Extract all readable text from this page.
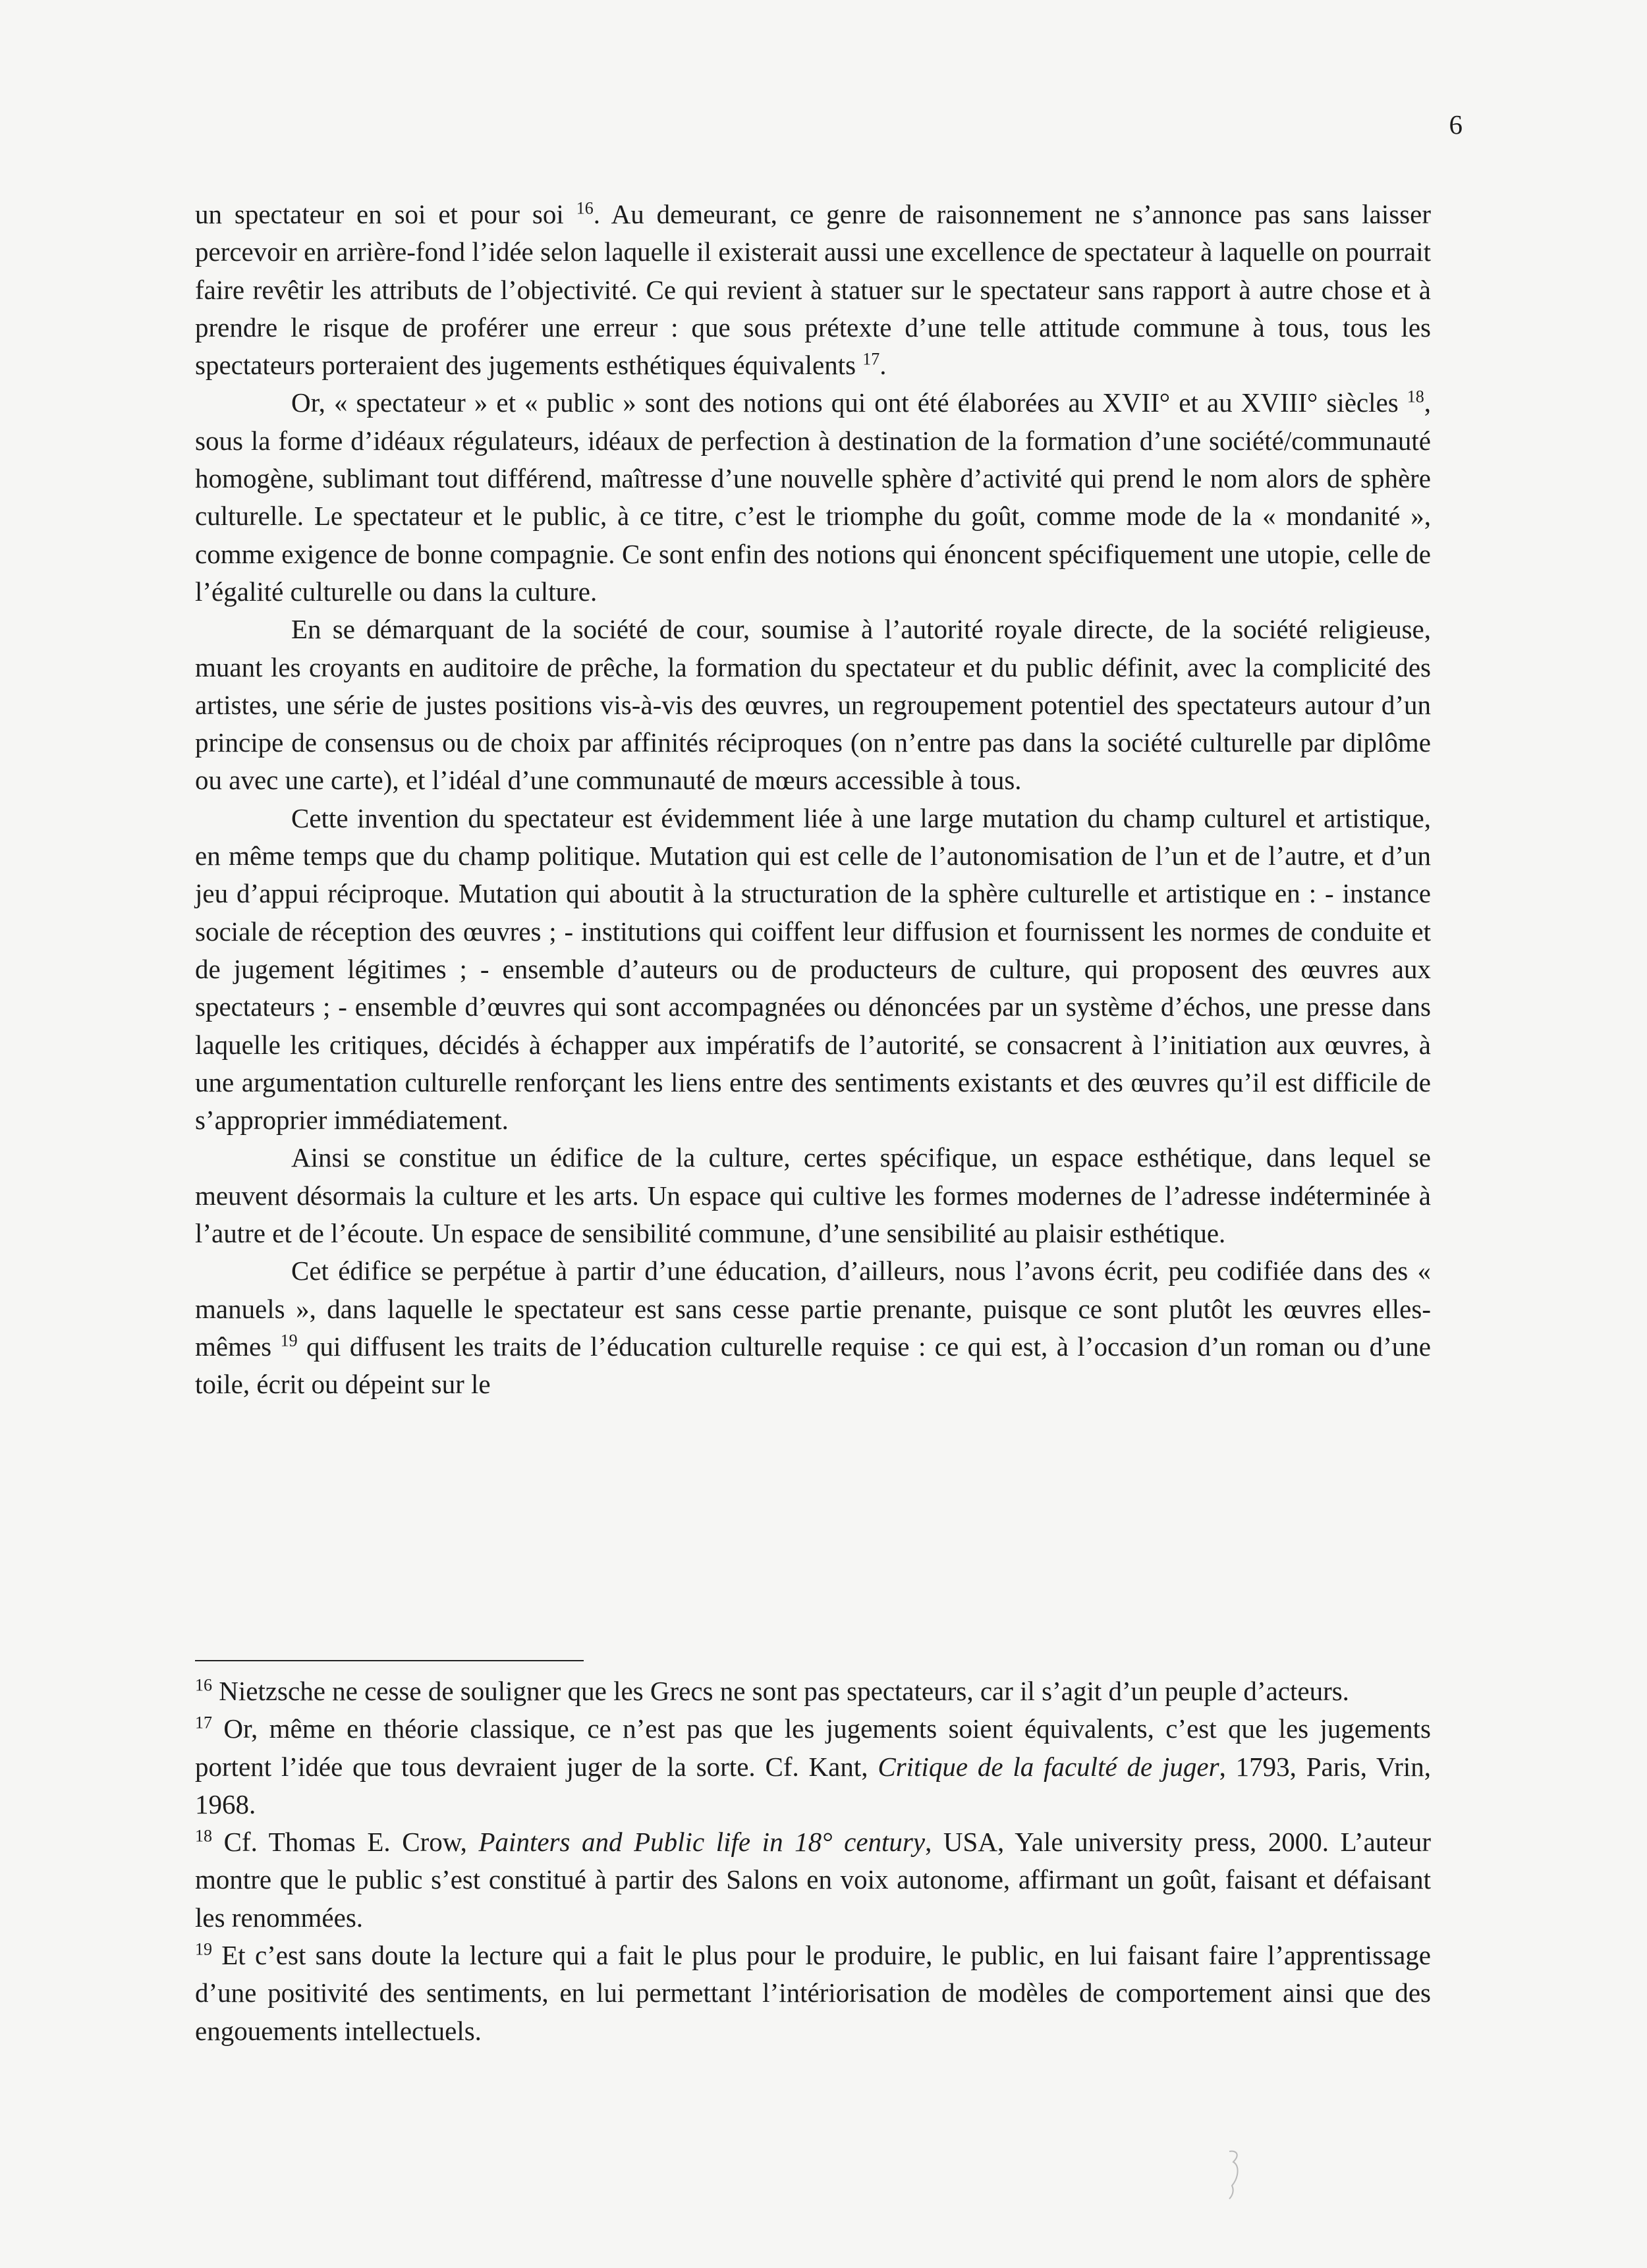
6

un spectateur en soi et pour soi $^{16}$. Au demeurant, ce genre de raisonnement ne s’annonce pas sans laisser percevoir en arrière-fond l’idée selon laquelle il existerait aussi une excellence de spectateur à laquelle on pourrait faire revêtir les attributs de l’objectivité. Ce qui revient à statuer sur le spectateur sans rapport à autre chose et à prendre le risque de proférer une erreur : que sous prétexte d’une telle attitude commune à tous, tous les spectateurs porteraient des jugements esthétiques équivalents $^{17}$.

Or, « spectateur » et « public » sont des notions qui ont été élaborées au XVII° et au XVIII° siècles $^{18}$, sous la forme d’idéaux régulateurs, idéaux de perfection à destination de la formation d’une société/communauté homogène, sublimant tout différend, maîtresse d’une nouvelle sphère d’activité qui prend le nom alors de sphère culturelle. Le spectateur et le public, à ce titre, c’est le triomphe du goût, comme mode de la « mondanité », comme exigence de bonne compagnie. Ce sont enfin des notions qui énoncent spécifiquement une utopie, celle de l’égalité culturelle ou dans la culture.

En se démarquant de la société de cour, soumise à l’autorité royale directe, de la société religieuse, muant les croyants en auditoire de prêche, la formation du spectateur et du public définit, avec la complicité des artistes, une série de justes positions vis-à-vis des œuvres, un regroupement potentiel des spectateurs autour d’un principe de consensus ou de choix par affinités réciproques (on n’entre pas dans la société culturelle par diplôme ou avec une carte), et l’idéal d’une communauté de mœurs accessible à tous.

Cette invention du spectateur est évidemment liée à une large mutation du champ culturel et artistique, en même temps que du champ politique. Mutation qui est celle de l’autonomisation de l’un et de l’autre, et d’un jeu d’appui réciproque. Mutation qui aboutit à la structuration de la sphère culturelle et artistique en : - instance sociale de réception des œuvres ; - institutions qui coiffent leur diffusion et fournissent les normes de conduite et de jugement légitimes ; - ensemble d’auteurs ou de producteurs de culture, qui proposent des œuvres aux spectateurs ; - ensemble d’œuvres qui sont accompagnées ou dénoncées par un système d’échos, une presse dans laquelle les critiques, décidés à échapper aux impératifs de l’autorité, se consacrent à l’initiation aux œuvres, à une argumentation culturelle renforçant les liens entre des sentiments existants et des œuvres qu’il est difficile de s’approprier immédiatement.

Ainsi se constitue un édifice de la culture, certes spécifique, un espace esthétique, dans lequel se meuvent désormais la culture et les arts. Un espace qui cultive les formes modernes de l’adresse indéterminée à l’autre et de l’écoute. Un espace de sensibilité commune, d’une sensibilité au plaisir esthétique.

Cet édifice se perpétue à partir d’une éducation, d’ailleurs, nous l’avons écrit, peu codifiée dans des « manuels », dans laquelle le spectateur est sans cesse partie prenante, puisque ce sont plutôt les œuvres elles-mêmes $^{19}$ qui diffusent les traits de l’éducation culturelle requise : ce qui est, à l’occasion d’un roman ou d’une toile, écrit ou dépeint sur le

$^{16}$ Nietzsche ne cesse de souligner que les Grecs ne sont pas spectateurs, car il s’agit d’un peuple d’acteurs.

$^{17}$ Or, même en théorie classique, ce n’est pas que les jugements soient équivalents, c’est que les jugements portent l’idée que tous devraient juger de la sorte. Cf. Kant, Critique de la faculté de juger, 1793, Paris, Vrin, 1968.

$^{18}$ Cf. Thomas E. Crow, Painters and Public life in 18° century, USA, Yale university press, 2000. L’auteur montre que le public s’est constitué à partir des Salons en voix autonome, affirmant un goût, faisant et défaisant les renommées.

$^{19}$ Et c’est sans doute la lecture qui a fait le plus pour le produire, le public, en lui faisant faire l’apprentissage d’une positivité des sentiments, en lui permettant l’intériorisation de modèles de comportement ainsi que des engouements intellectuels.
